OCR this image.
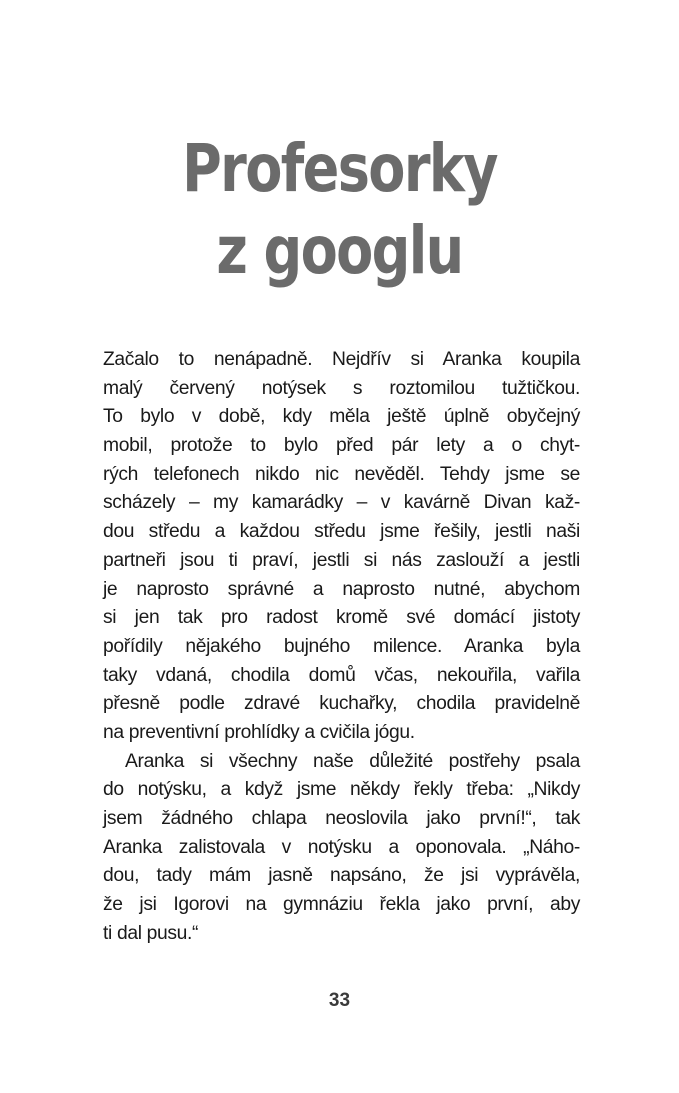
Profesorky
z googlu
Začalo to nenápadně. Nejdřív si Aranka koupila
malý červený notýsek s roztomilou tužtičkou.
To bylo v době, kdy měla ještě úplně obyčejný
mobil, protože to bylo před pár lety a o chyt-
rých telefonech nikdo nic nevěděl. Tehdy jsme se
scházely – my kamarádky – v kavárně Divan kaž-
dou středu a každou středu jsme řešily, jestli naši
partneři jsou ti praví, jestli si nás zaslouží a jestli
je naprosto správné a naprosto nutné, abychom
si jen tak pro radost kromě své domácí jistoty
pořídily nějakého bujného milence. Aranka byla
taky vdaná, chodila domů včas, nekouřila, vařila
přesně podle zdravé kuchařky, chodila pravidelně
na preventivní prohlídky a cvičila jógu.
Aranka si všechny naše důležité postřehy psala
do notýsku, a když jsme někdy řekly třeba: „Nikdy
jsem žádného chlapa neoslovila jako první!“, tak
Aranka zalistovala v notýsku a oponovala. „Náho-
dou, tady mám jasně napsáno, že jsi vyprávěla,
že jsi Igorovi na gymnáziu řekla jako první, aby
ti dal pusu.“
33
